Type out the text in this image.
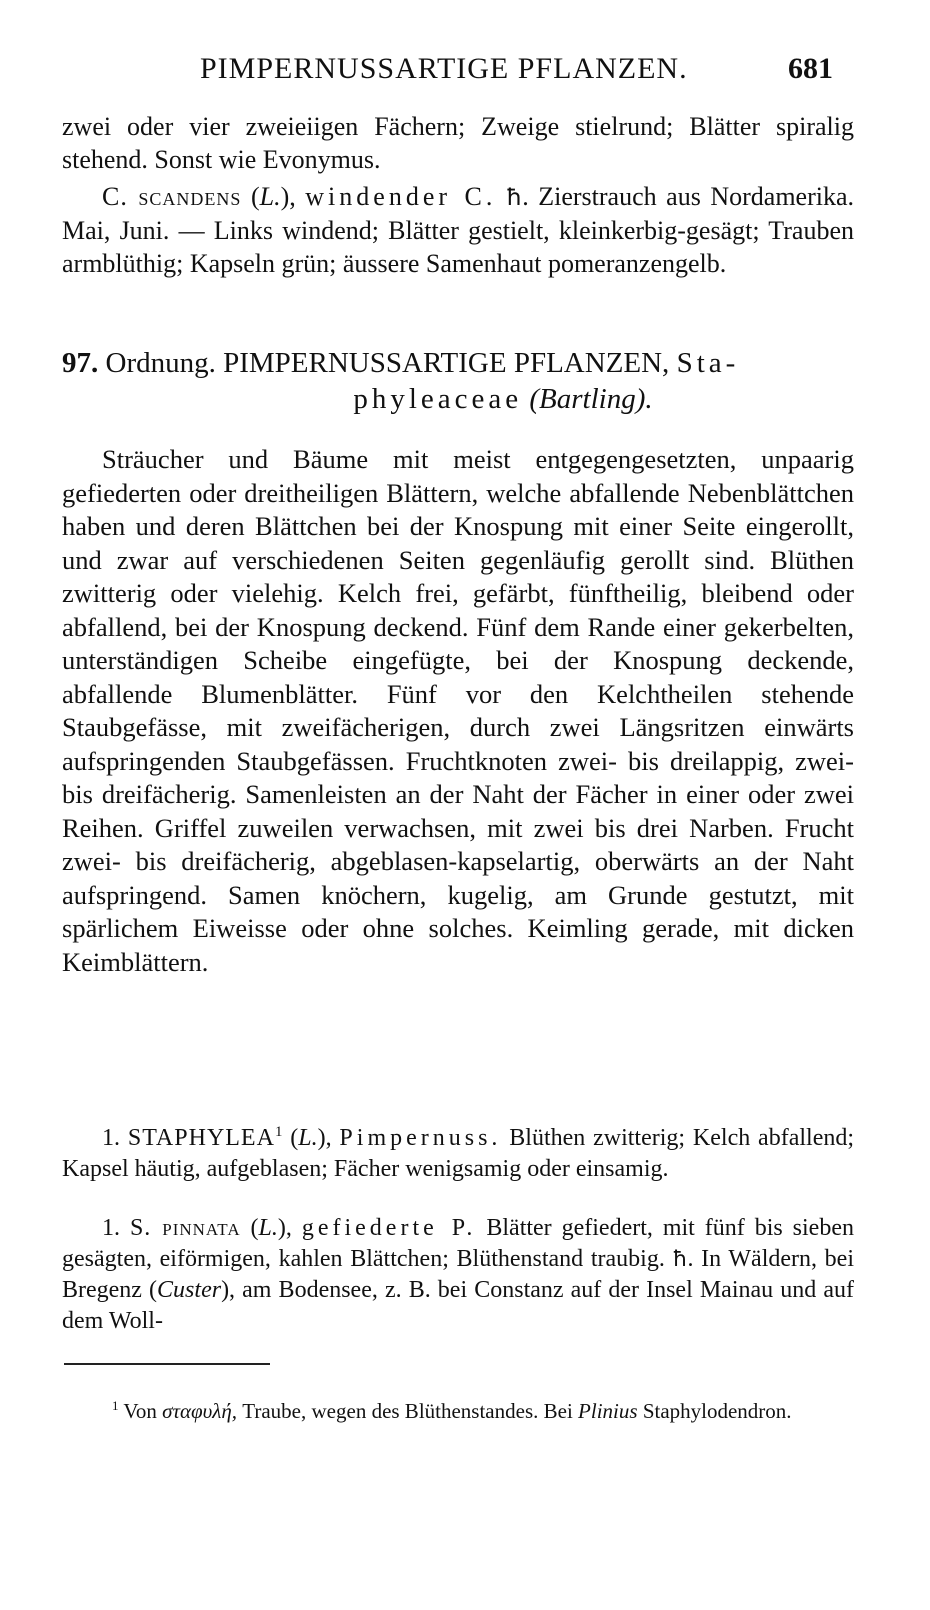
PIMPERNUSSARTIGE PFLANZEN.	681

zwei oder vier zweieiigen Fächern; Zweige stielrund; Blätter spiralig stehend. Sonst wie Evonymus.

C. scandens (L.), windender C. ħ. Zierstrauch aus Nordamerika. Mai, Juni. — Links windend; Blätter gestielt, kleinkerbig-gesägt; Trauben armblüthig; Kapseln grün; äussere Samenhaut pomeranzengelb.

97. Ordnung. PIMPERNUSSARTIGE PFLANZEN, Sta-
phyleaceae (Bartling).

Sträucher und Bäume mit meist entgegengesetzten, unpaarig gefiederten oder dreitheiligen Blättern, welche abfallende Nebenblättchen haben und deren Blättchen bei der Knospung mit einer Seite eingerollt, und zwar auf verschiedenen Seiten gegenläufig gerollt sind. Blüthen zwitterig oder vielehig. Kelch frei, gefärbt, fünftheilig, bleibend oder abfallend, bei der Knospung deckend. Fünf dem Rande einer gekerbelten, unterständigen Scheibe eingefügte, bei der Knospung deckende, abfallende Blumenblätter. Fünf vor den Kelchtheilen stehende Staubgefässe, mit zweifächerigen, durch zwei Längsritzen einwärts aufspringenden Staubgefässen. Fruchtknoten zwei- bis dreilappig, zwei- bis dreifächerig. Samenleisten an der Naht der Fächer in einer oder zwei Reihen. Griffel zuweilen verwachsen, mit zwei bis drei Narben. Frucht zwei- bis dreifächerig, abgeblasen-kapselartig, oberwärts an der Naht aufspringend. Samen knöchern, kugelig, am Grunde gestutzt, mit spärlichem Eiweisse oder ohne solches. Keimling gerade, mit dicken Keimblättern.

1. STAPHYLEA$^1$ (L.), Pimpernuss. Blüthen zwitterig; Kelch abfallend; Kapsel häutig, aufgeblasen; Fächer wenigsamig oder einsamig.

1. S. pinnata (L.), gefiederte P. Blätter gefiedert, mit fünf bis sieben gesägten, eiförmigen, kahlen Blättchen; Blüthenstand traubig. ħ. In Wäldern, bei Bregenz (Custer), am Bodensee, z. B. bei Constanz auf der Insel Mainau und auf dem Woll-

$^1$ Von σταφυλή, Traube, wegen des Blüthenstandes. Bei Plinius Staphylodendron.
